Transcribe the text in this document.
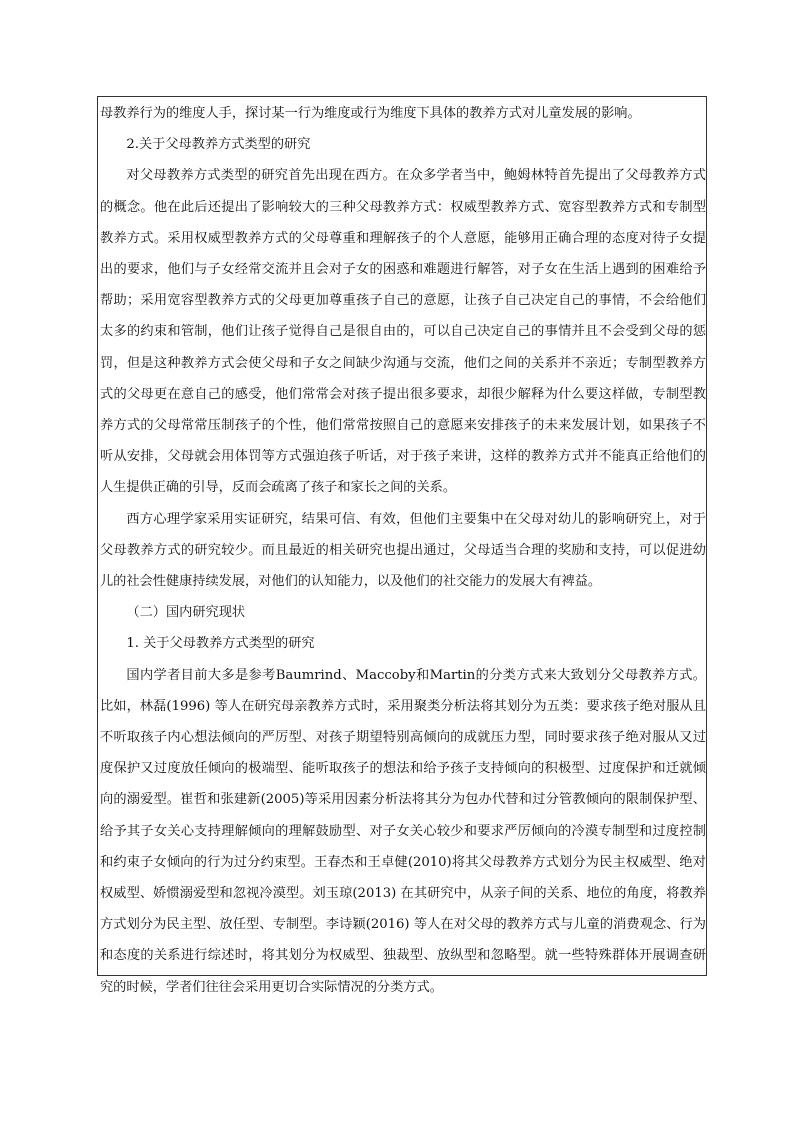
母教养行为的维度人手，探讨某一行为维度或行为维度下具体的教养方式对儿童发展的影响。

2.关于父母教养方式类型的研究

对父母教养方式类型的研究首先出现在西方。在众多学者当中，鲍姆林特首先提出了父母教养方式的概念。他在此后还提出了影响较大的三种父母教养方式：权威型教养方式、宽容型教养方式和专制型教养方式。采用权威型教养方式的父母尊重和理解孩子的个人意愿，能够用正确合理的态度对待子女提出的要求，他们与子女经常交流并且会对子女的困惑和难题进行解答，对子女在生活上遇到的困难给予帮助；采用宽容型教养方式的父母更加尊重孩子自己的意愿，让孩子自己决定自己的事情，不会给他们太多的约束和管制，他们让孩子觉得自己是很自由的，可以自己决定自己的事情并且不会受到父母的惩罚，但是这种教养方式会使父母和子女之间缺少沟通与交流，他们之间的关系并不亲近；专制型教养方式的父母更在意自己的感受，他们常常会对孩子提出很多要求，却很少解释为什么要这样做，专制型教养方式的父母常常压制孩子的个性，他们常常按照自己的意愿来安排孩子的未来发展计划，如果孩子不听从安排，父母就会用体罚等方式强迫孩子听话，对于孩子来讲，这样的教养方式并不能真正给他们的人生提供正确的引导，反而会疏离了孩子和家长之间的关系。

西方心理学家采用实证研究，结果可信、有效，但他们主要集中在父母对幼儿的影响研究上，对于父母教养方式的研究较少。而且最近的相关研究也提出通过，父母适当合理的奖励和支持，可以促进幼儿的社会性健康持续发展，对他们的认知能力，以及他们的社交能力的发展大有裨益。

（二）国内研究现状

1. 关于父母教养方式类型的研究

国内学者目前大多是参考Baumrind、Maccoby和Martin的分类方式来大致划分父母教养方式。比如，林磊(1996) 等人在研究母亲教养方式时，采用聚类分析法将其划分为五类：要求孩子绝对服从且不听取孩子内心想法倾向的严厉型、对孩子期望特别高倾向的成就压力型，同时要求孩子绝对服从又过度保护又过度放任倾向的极端型、能听取孩子的想法和给予孩子支持倾向的积极型、过度保护和迁就倾向的溺爱型。崔哲和张建新(2005)等采用因素分析法将其分为包办代替和过分管教倾向的限制保护型、给予其子女关心支持理解倾向的理解鼓励型、对子女关心较少和要求严厉倾向的冷漠专制型和过度控制和约束子女倾向的行为过分约束型。王春杰和王卓健(2010)将其父母教养方式划分为民主权威型、绝对权威型、娇惯溺爱型和忽视冷漠型。刘玉琼(2013) 在其研究中，从亲子间的关系、地位的角度，将教养方式划分为民主型、放任型、专制型。李诗颖(2016) 等人在对父母的教养方式与儿童的消费观念、行为和态度的关系进行综述时，将其划分为权威型、独裁型、放纵型和忽略型。就一些特殊群体开展调查研究的时候，学者们往往会采用更切合实际情况的分类方式。
